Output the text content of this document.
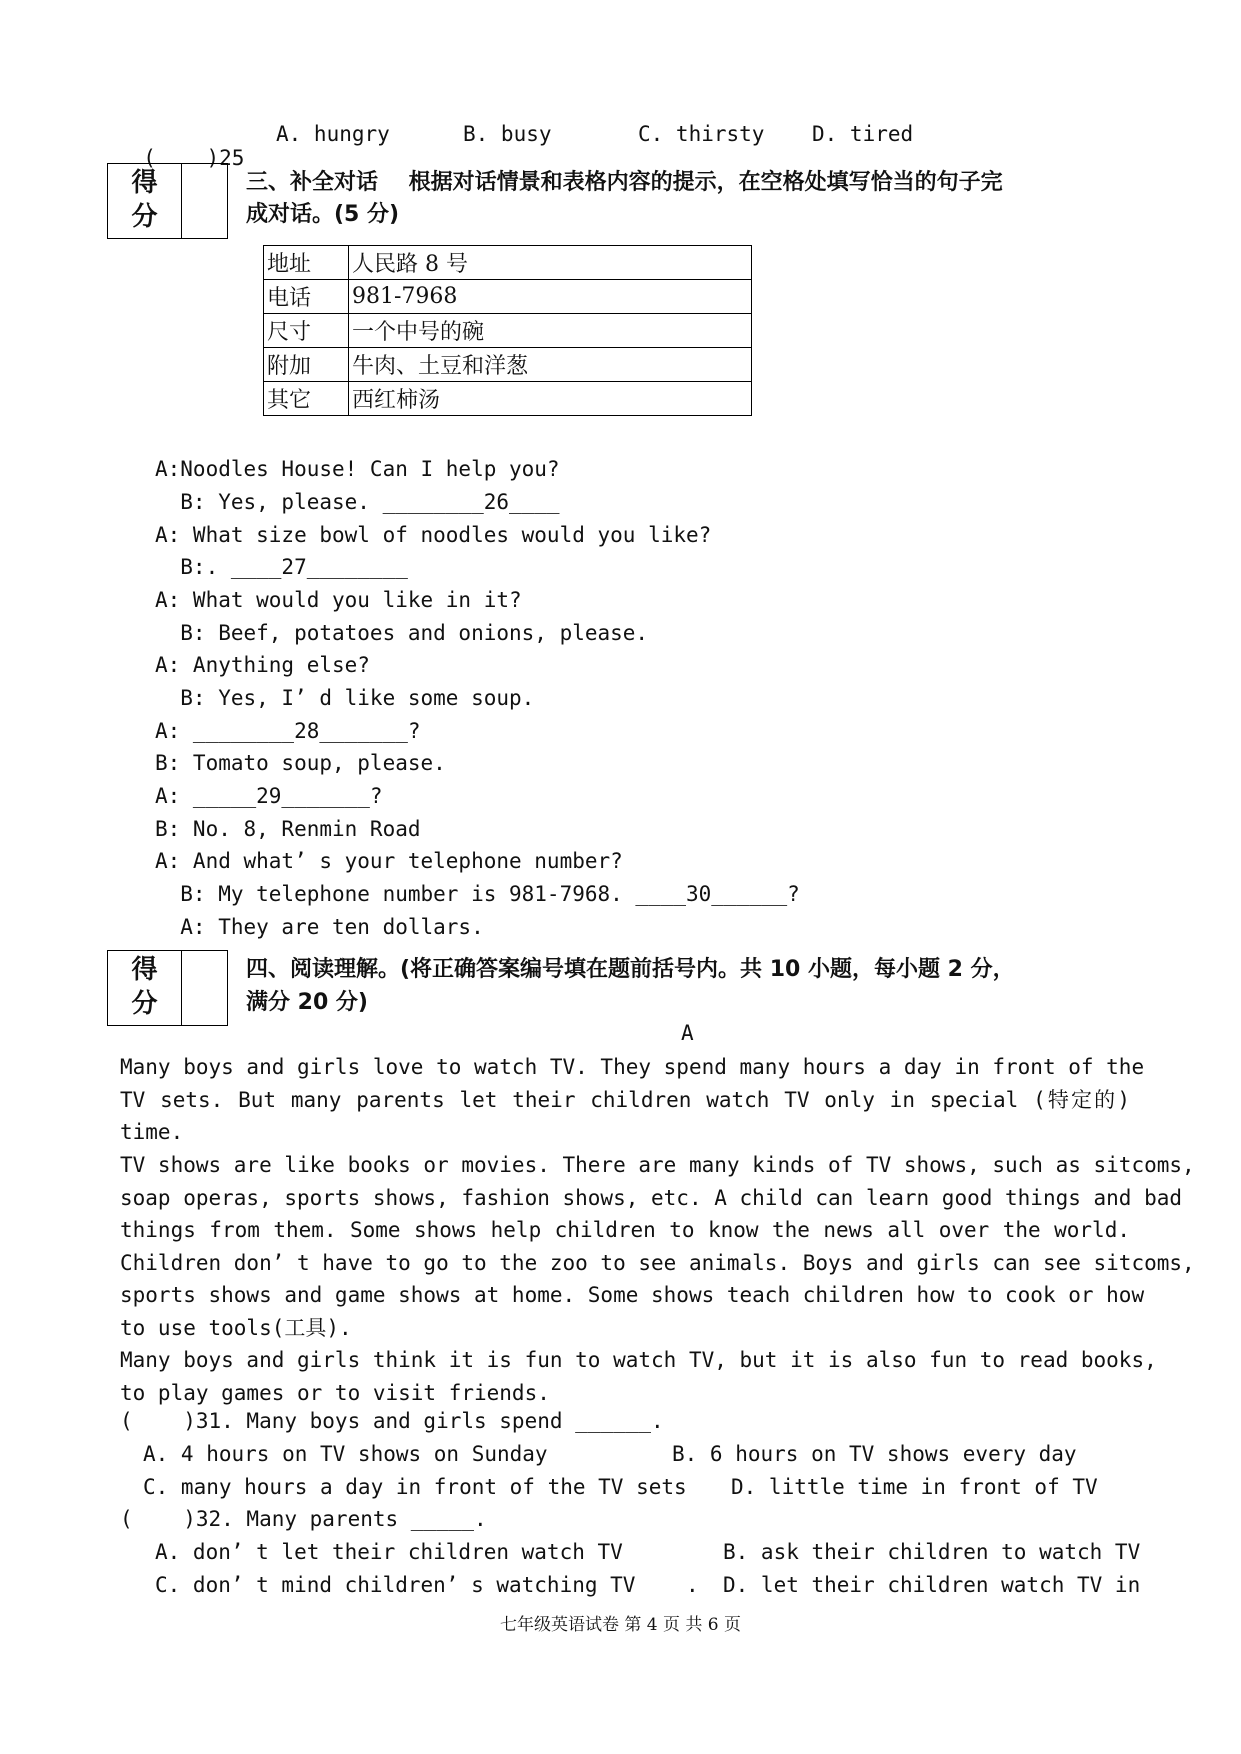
(    )25

A. hungry	B. busy	C. thirsty D. tired
得
分
三、补全对话    根据对话情景和表格内容的提示，在空格处填写恰当的句子完
成对话。(5 分)
地址	人民路 8 号
电话	981-7968
尺寸	一个中号的碗
附加	牛肉、土豆和洋葱
其它	西红柿汤
A:Noodles House! Can I help you?
B: Yes, please. ________26____
A: What size bowl of noodles would you like?
B:. ____27________
A: What would you like in it?
B: Beef, potatoes and onions, please.
A: Anything else?
B: Yes, I’ d like some soup.
A: ________28_______?
B: Tomato soup, please.
A: _____29_______?
B: No. 8, Renmin Road
A: And what’ s your telephone number?
B: My telephone number is 981-7968. ____30______?
A: They are ten dollars.
得
分
四、阅读理解。(将正确答案编号填在题前括号内。共 10 小题，每小题 2 分，
满分 20 分)
A
Many boys and girls love to watch TV. They spend many hours a day in front of the
TV sets. But many parents let their children watch TV only in special (特定的)
time.
TV shows are like books or movies. There are many kinds of TV shows, such as sitcoms,
soap operas, sports shows, fashion shows, etc. A child can learn good things and bad
things from them. Some shows help children to know the news all over the world.
Children don’ t have to go to the zoo to see animals. Boys and girls can see sitcoms,
sports shows and game shows at home. Some shows teach children how to cook or how
to use tools(工具).
Many boys and girls think it is fun to watch TV, but it is also fun to read books,
to play games or to visit friends.
(    )31. Many boys and girls spend ______.
A. 4 hours on TV shows on Sunday	B. 6 hours on TV shows every day
C. many hours a day in front of the TV sets D. little time in front of TV
(    )32. Many parents _____.
A. don’ t let their children watch TV	B. ask their children to watch TV
C. don’ t mind children’ s watching TV    . D. let their children watch TV in
七年级英语试卷 第 4 页 共 6 页
